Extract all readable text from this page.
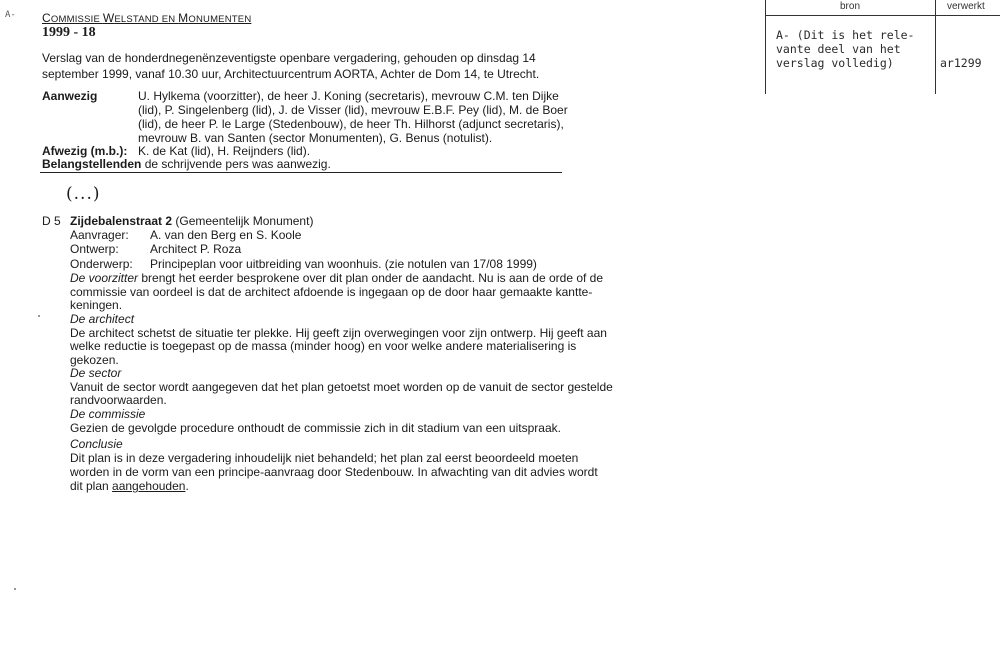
A- COMMISSIE WELSTAND EN MONUMENTEN
1999 - 18
Verslag van de honderdnegenënzeventigste openbare vergadering, gehouden op dinsdag 14
september 1999, vanaf 10.30 uur, Architectuurcentrum AORTA, Achter de Dom 14, te Utrecht.
Aanwezig	U. Hylkema (voorzitter), de heer J. Koning (secretaris), mevrouw C.M. ten Dijke
(lid), P. Singelenberg (lid), J. de Visser (lid), mevrouw E.B.F. Pey (lid), M. de Boer
(lid), de heer P. le Large (Stedenbouw), de heer Th. Hilhorst (adjunct secretaris),
mevrouw B. van Santen (sector Monumenten), G. Benus (notulist).
Afwezig (m.b.): K. de Kat (lid), H. Reijnders (lid).
Belangstellenden de schrijvende pers was aanwezig.
(...)
D 5 Zijdebalenstraat 2 (Gemeentelijk Monument)
Aanvrager: A. van den Berg en S. Koole
Ontwerp:	Architect P. Roza
Onderwerp: Principeplan voor uitbreiding van woonhuis. (zie notulen van 17/08 1999)
De voorzitter brengt het eerder besprokene over dit plan onder de aandacht. Nu is aan de orde of de
commissie van oordeel is dat de architect afdoende is ingegaan op de door haar gemaakte kantte-
keningen.
De architect
De architect schetst de situatie ter plekke. Hij geeft zijn overwegingen voor zijn ontwerp. Hij geeft aan
welke reductie is toegepast op de massa (minder hoog) en voor welke andere materialisering is
gekozen.
De sector
Vanuit de sector wordt aangegeven dat het plan getoetst moet worden op de vanuit de sector gestelde
randvoorwaarden.
De commissie
Gezien de gevolgde procedure onthoudt de commissie zich in dit stadium van een uitspraak.
Conclusie
Dit plan is in deze vergadering inhoudelijk niet behandeld; het plan zal eerst beoordeeld moeten
worden in de vorm van een principe-aanvraag door Stedenbouw. In afwachting van dit advies wordt
dit plan aangehouden.
bron	verwerkt
A- (Dit is het rele-
vante deel van het
verslag volledig)	ar1299
